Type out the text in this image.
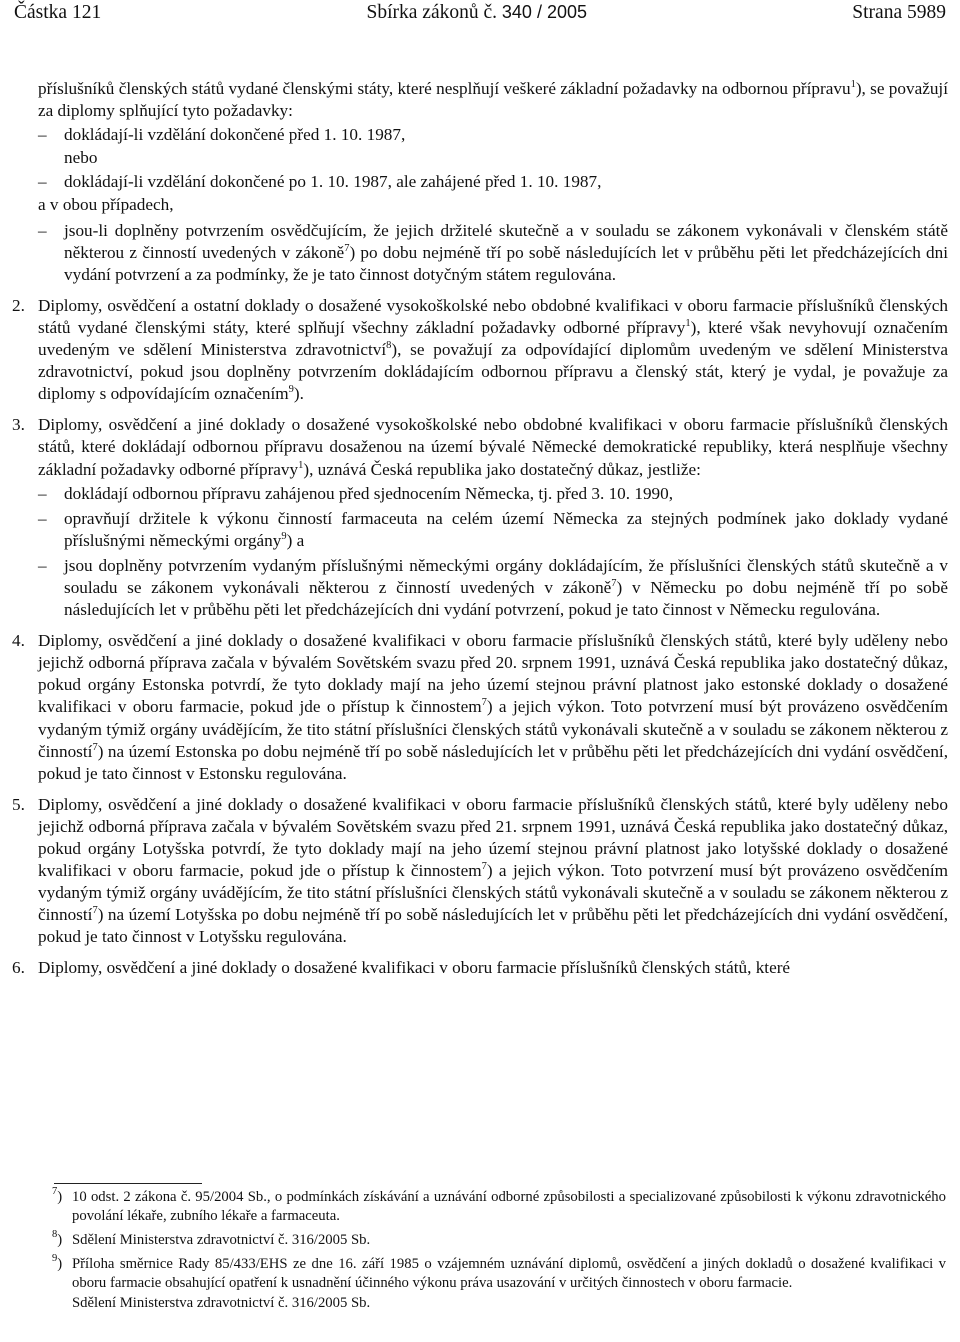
Částka 121	Sbírka zákonů č. 340 / 2005	Strana 5989

příslušníků členských států vydané členskými státy, které nesplňují veškeré základní požadavky na odbornou přípravu$^1$), se považují za diplomy splňující tyto požadavky:

–	dokládají-li vzdělání dokončené před 1. 10. 1987,

nebo

–	dokládají-li vzdělání dokončené po 1. 10. 1987, ale zahájené před 1. 10. 1987,

a v obou případech,

–	jsou-li doplněny potvrzením osvědčujícím, že jejich držitelé skutečně a v souladu se zákonem vykonávali v členském státě některou z činností uvedených v zákoně$^7$) po dobu nejméně tří po sobě následujících let v průběhu pěti let předcházejících dni vydání potvrzení a za podmínky, že je tato činnost dotyčným státem regulována.
2. Diplomy, osvědčení a ostatní doklady o dosažené vysokoškolské nebo obdobné kvalifikaci v oboru farmacie příslušníků členských států vydané členskými státy, které splňují všechny základní požadavky odborné přípravy$^1$), které však nevyhovují označením uvedeným ve sdělení Ministerstva zdravotnictví$^8$), se považují za odpovídající diplomům uvedeným ve sdělení Ministerstva zdravotnictví, pokud jsou doplněny potvrzením dokládajícím odbornou přípravu a členský stát, který je vydal, je považuje za diplomy s odpovídajícím označením$^9$).
3. Diplomy, osvědčení a jiné doklady o dosažené vysokoškolské nebo obdobné kvalifikaci v oboru farmacie příslušníků členských států, které dokládají odbornou přípravu dosaženou na území bývalé Německé demokratické republiky, která nesplňuje všechny základní požadavky odborné přípravy$^1$), uznává Česká republika jako dostatečný důkaz, jestliže:
–	dokládají odbornou přípravu zahájenou před sjednocením Německa, tj. před 3. 10. 1990,
–	opravňují držitele k výkonu činností farmaceuta na celém území Německa za stejných podmínek jako doklady vydané příslušnými německými orgány$^9$) a
–	jsou doplněny potvrzením vydaným příslušnými německými orgány dokládajícím, že příslušníci členských států skutečně a v souladu se zákonem vykonávali některou z činností uvedených v zákoně$^7$) v Německu po dobu nejméně tří po sobě následujících let v průběhu pěti let předcházejících dni vydání potvrzení, pokud je tato činnost v Německu regulována.
4. Diplomy, osvědčení a jiné doklady o dosažené kvalifikaci v oboru farmacie příslušníků členských států, které byly uděleny nebo jejichž odborná příprava začala v bývalém Sovětském svazu před 20. srpnem 1991, uznává Česká republika jako dostatečný důkaz, pokud orgány Estonska potvrdí, že tyto doklady mají na jeho území stejnou právní platnost jako estonské doklady o dosažené kvalifikaci v oboru farmacie, pokud jde o přístup k činnostem$^7$) a jejich výkon. Toto potvrzení musí být provázeno osvědčením vydaným týmiž orgány uvádějícím, že tito státní příslušníci členských států vykonávali skutečně a v souladu se zákonem některou z činností$^7$) na území Estonska po dobu nejméně tří po sobě následujících let v průběhu pěti let předcházejících dni vydání osvědčení, pokud je tato činnost v Estonsku regulována.
5. Diplomy, osvědčení a jiné doklady o dosažené kvalifikaci v oboru farmacie příslušníků členských států, které byly uděleny nebo jejichž odborná příprava začala v bývalém Sovětském svazu před 21. srpnem 1991, uznává Česká republika jako dostatečný důkaz, pokud orgány Lotyšska potvrdí, že tyto doklady mají na jeho území stejnou právní platnost jako lotyšské doklady o dosažené kvalifikaci v oboru farmacie, pokud jde o přístup k činnostem$^7$) a jejich výkon. Toto potvrzení musí být provázeno osvědčením vydaným týmiž orgány uvádějícím, že tito státní příslušníci členských států vykonávali skutečně a v souladu se zákonem některou z činností$^7$) na území Lotyšska po dobu nejméně tří po sobě následujících let v průběhu pěti let předcházejících dni vydání osvědčení, pokud je tato činnost v Lotyšsku regulována.
6. Diplomy, osvědčení a jiné doklady o dosažené kvalifikaci v oboru farmacie příslušníků členských států, které
$^7$) 10 odst. 2 zákona č. 95/2004 Sb., o podmínkách získávání a uznávání odborné způsobilosti a specializované způsobilosti k výkonu zdravotnického povolání lékaře, zubního lékaře a farmaceuta.
$^8$) Sdělení Ministerstva zdravotnictví č. 316/2005 Sb.
$^9$) Příloha směrnice Rady 85/433/EHS ze dne 16. září 1985 o vzájemném uznávání diplomů, osvědčení a jiných dokladů o dosažené kvalifikaci v oboru farmacie obsahující opatření k usnadnění účinného výkonu práva usazování v určitých činnostech v oboru farmacie.
Sdělení Ministerstva zdravotnictví č. 316/2005 Sb.
